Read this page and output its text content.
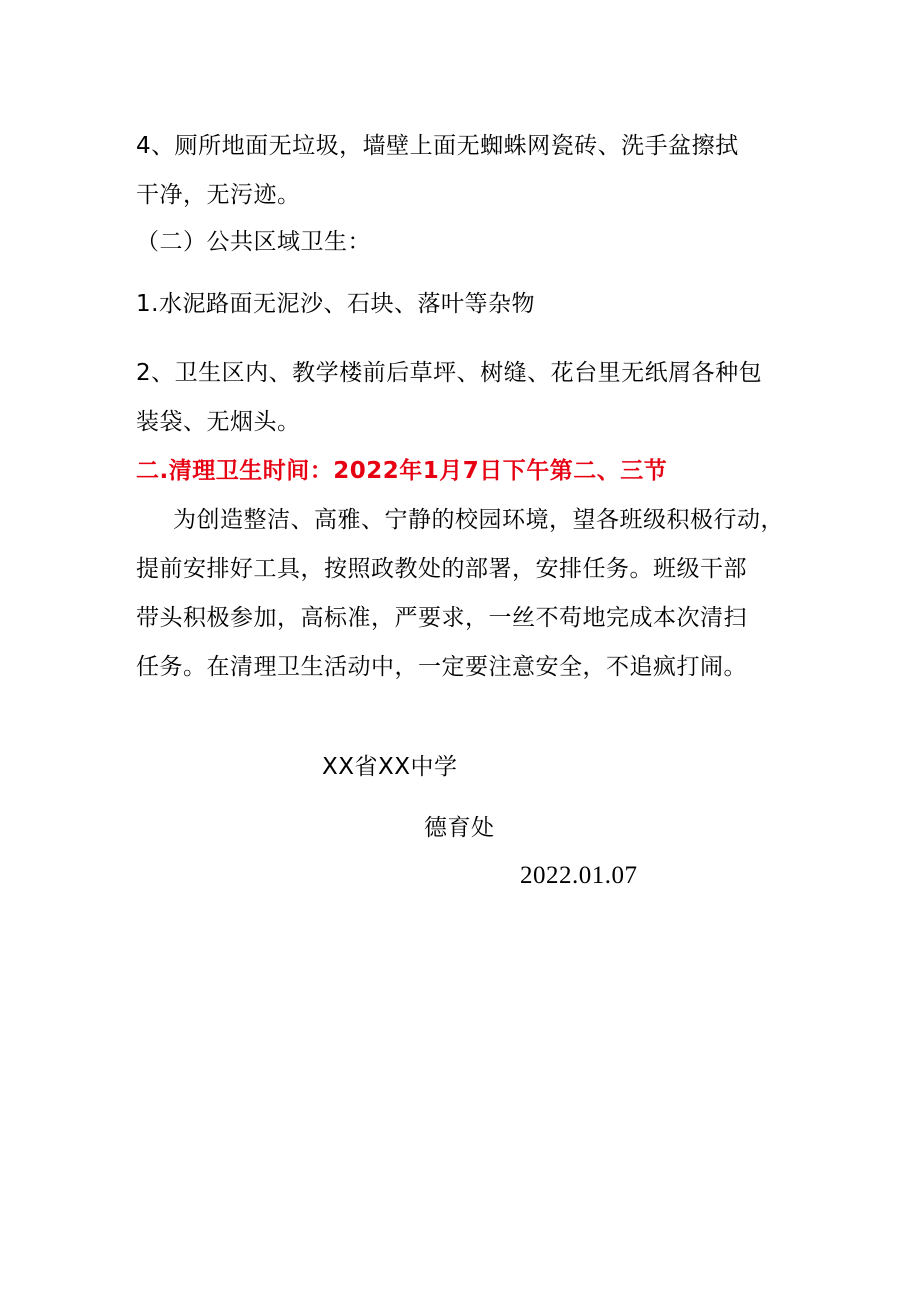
4、厕所地面无垃圾，墙壁上面无蜘蛛网瓷砖、洗手盆擦拭
干净，无污迹。
（二）公共区域卫生：
1.水泥路面无泥沙、石块、落叶等杂物
2、卫生区内、教学楼前后草坪、树缝、花台里无纸屑各种包
装袋、无烟头。
二.清理卫生时间：2022年1月7日下午第二、三节
为创造整洁、高雅、宁静的校园环境，望各班级积极行动，
提前安排好工具，按照政教处的部署，安排任务。班级干部
带头积极参加，高标准，严要求，一丝不苟地完成本次清扫
任务。在清理卫生活动中，一定要注意安全，不追疯打闹。
XX省XX中学
德育处
2022.01.07
